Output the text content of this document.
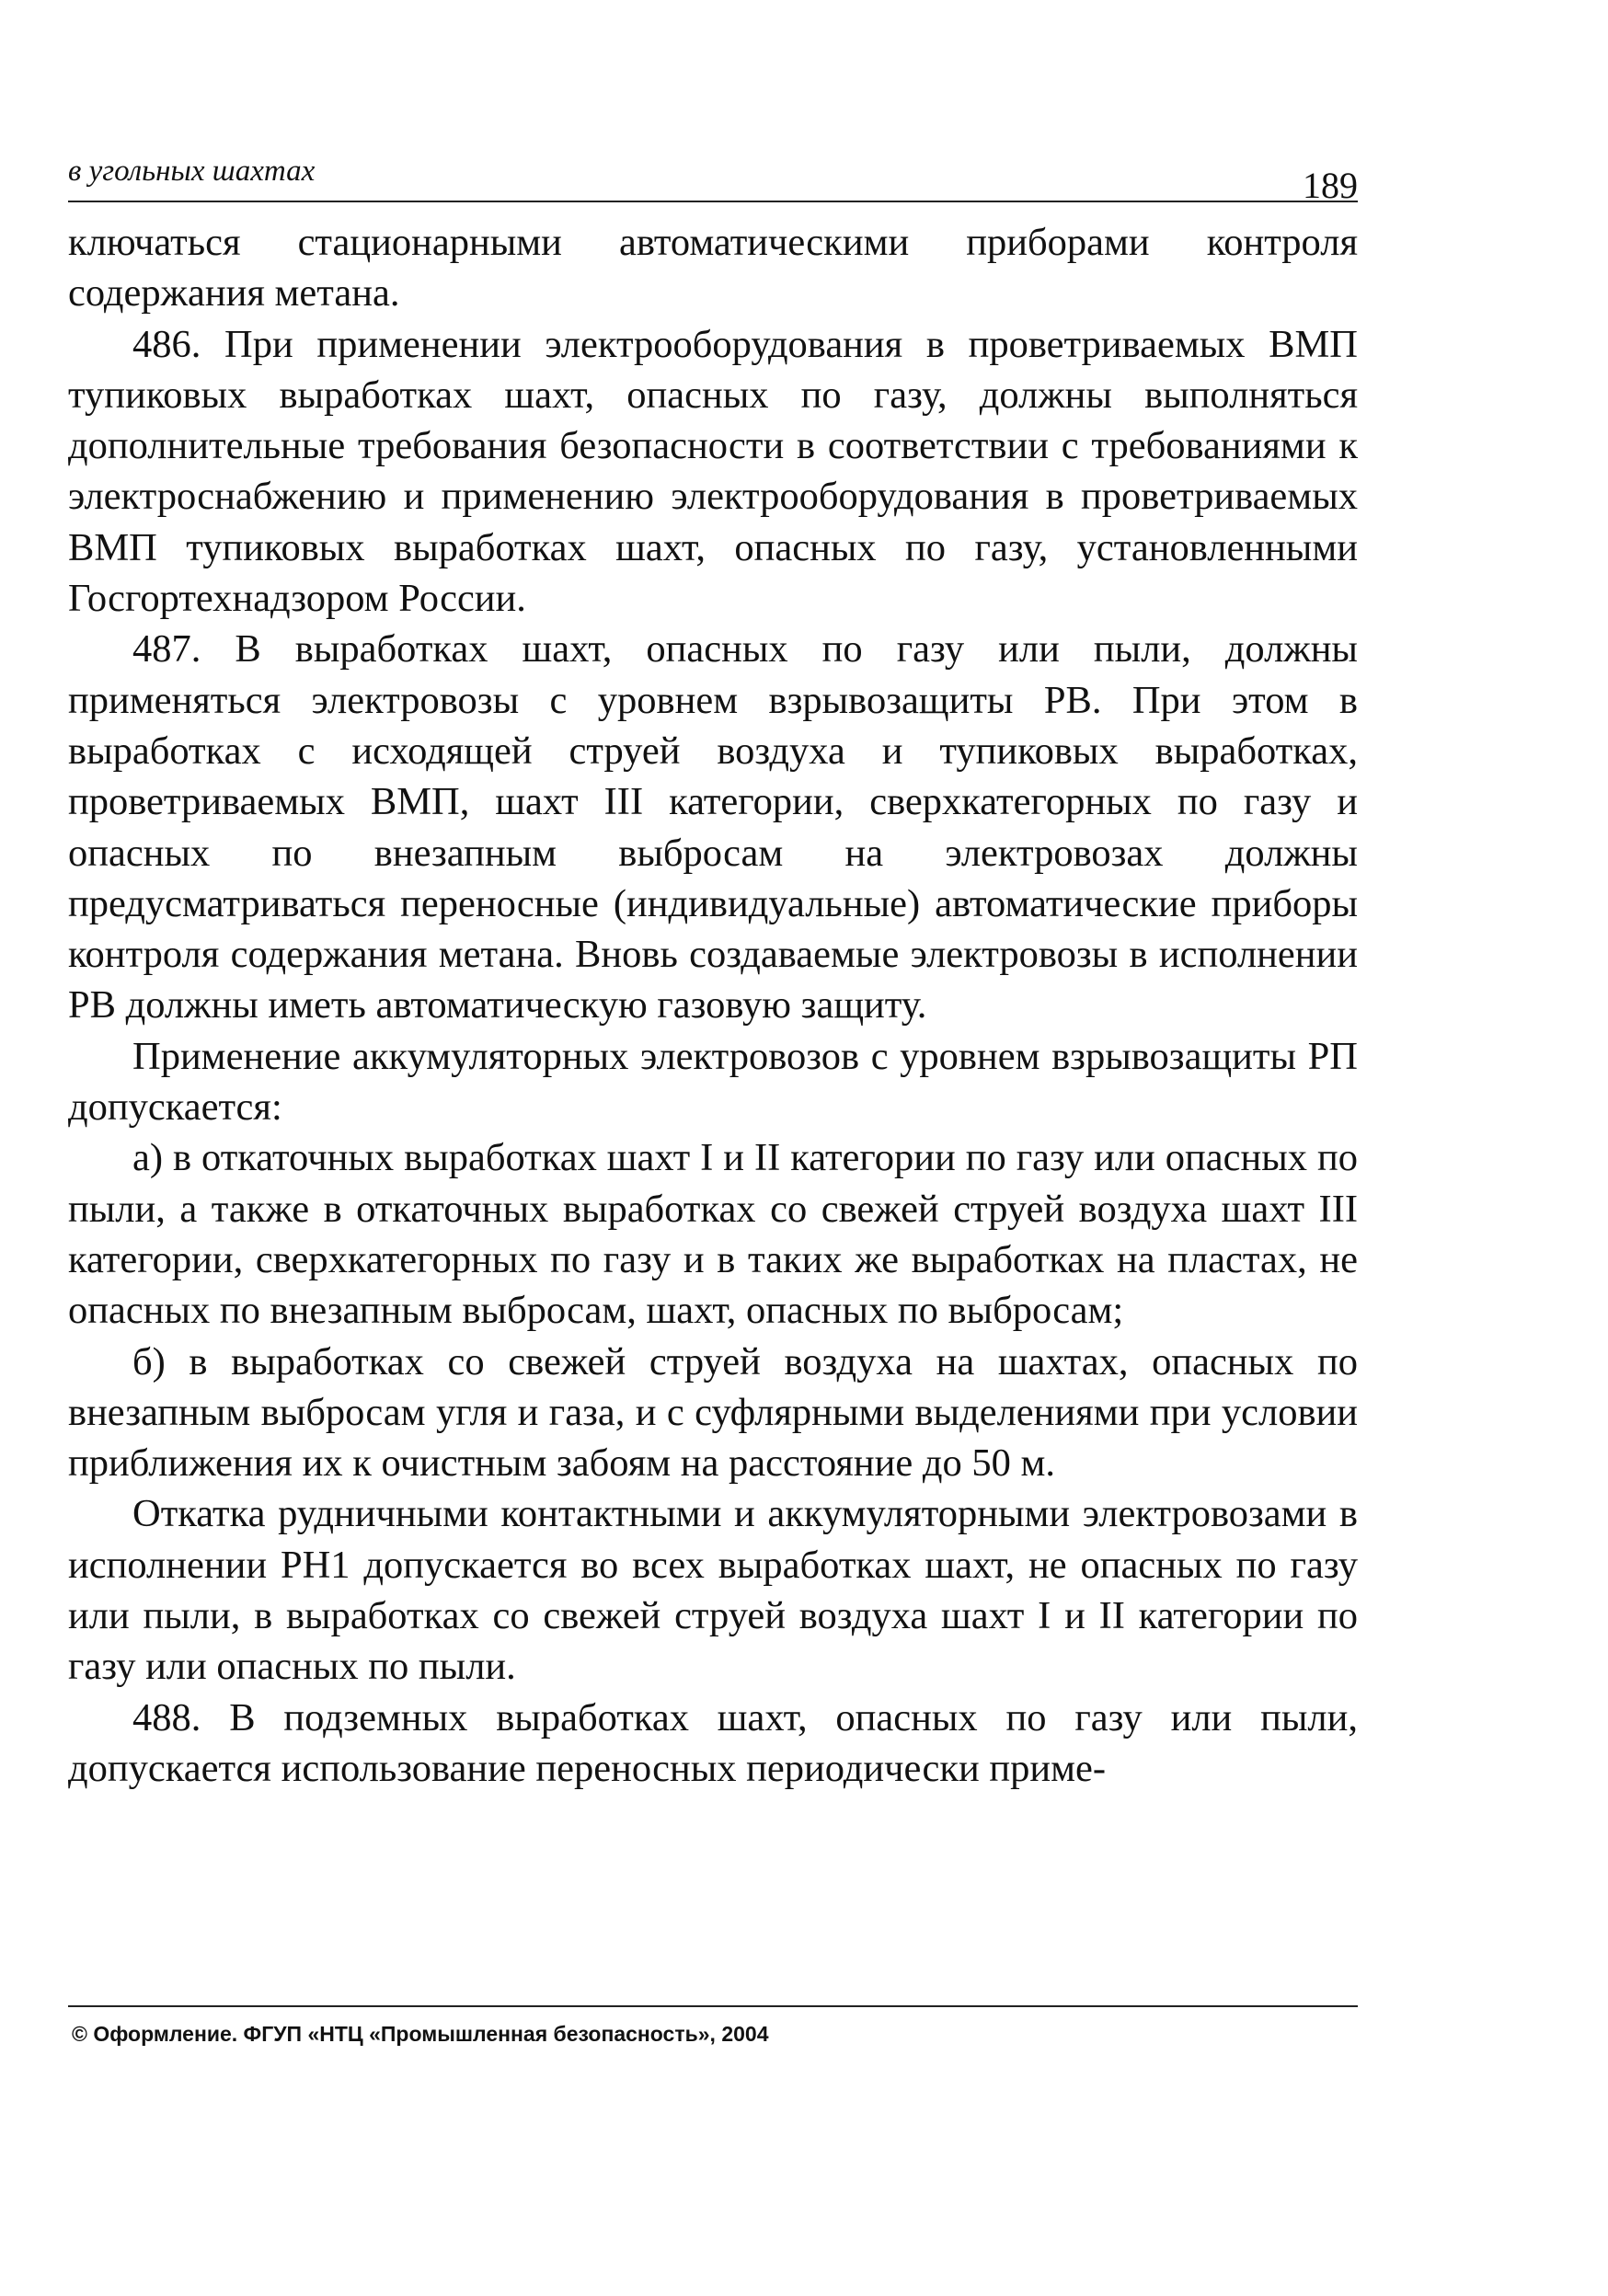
в угольных шахтах	189

ключаться стационарными автоматическими приборами контроля содержания метана.

486. При применении электрооборудования в проветриваемых ВМП тупиковых выработках шахт, опасных по газу, должны выполняться дополнительные требования безопасности в соответствии с требованиями к электроснабжению и применению электрооборудования в проветриваемых ВМП тупиковых выработках шахт, опасных по газу, установленными Госгортехнадзором России.

487. В выработках шахт, опасных по газу или пыли, должны применяться электровозы с уровнем взрывозащиты РВ. При этом в выработках с исходящей струей воздуха и тупиковых выработках, проветриваемых ВМП, шахт III категории, сверхкатегорных по газу и опасных по внезапным выбросам на электровозах должны предусматриваться переносные (индивидуальные) автоматические приборы контроля содержания метана. Вновь создаваемые электровозы в исполнении РВ должны иметь автоматическую газовую защиту.

Применение аккумуляторных электровозов с уровнем взрывозащиты РП допускается:

а) в откаточных выработках шахт I и II категории по газу или опасных по пыли, а также в откаточных выработках со свежей струей воздуха шахт III категории, сверхкатегорных по газу и в таких же выработках на пластах, не опасных по внезапным выбросам, шахт, опасных по выбросам;

б) в выработках со свежей струей воздуха на шахтах, опасных по внезапным выбросам угля и газа, и с суфлярными выделениями при условии приближения их к очистным забоям на расстояние до 50 м.

Откатка рудничными контактными и аккумуляторными электровозами в исполнении РН1 допускается во всех выработках шахт, не опасных по газу или пыли, в выработках со свежей струей воздуха шахт I и II категории по газу или опасных по пыли.

488. В подземных выработках шахт, опасных по газу или пыли, допускается использование переносных периодически приме-

© Оформление. ФГУП «НТЦ «Промышленная безопасность», 2004
